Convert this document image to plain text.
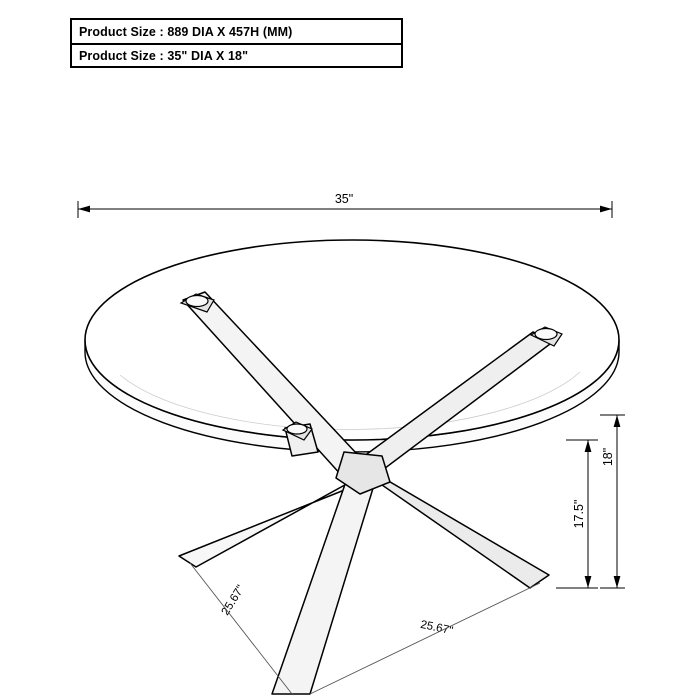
Product Size : 889 DIA X 457H (MM)
Product Size : 35" DIA X 18"
35"
17.5"
18"
25.67"
25.67"
